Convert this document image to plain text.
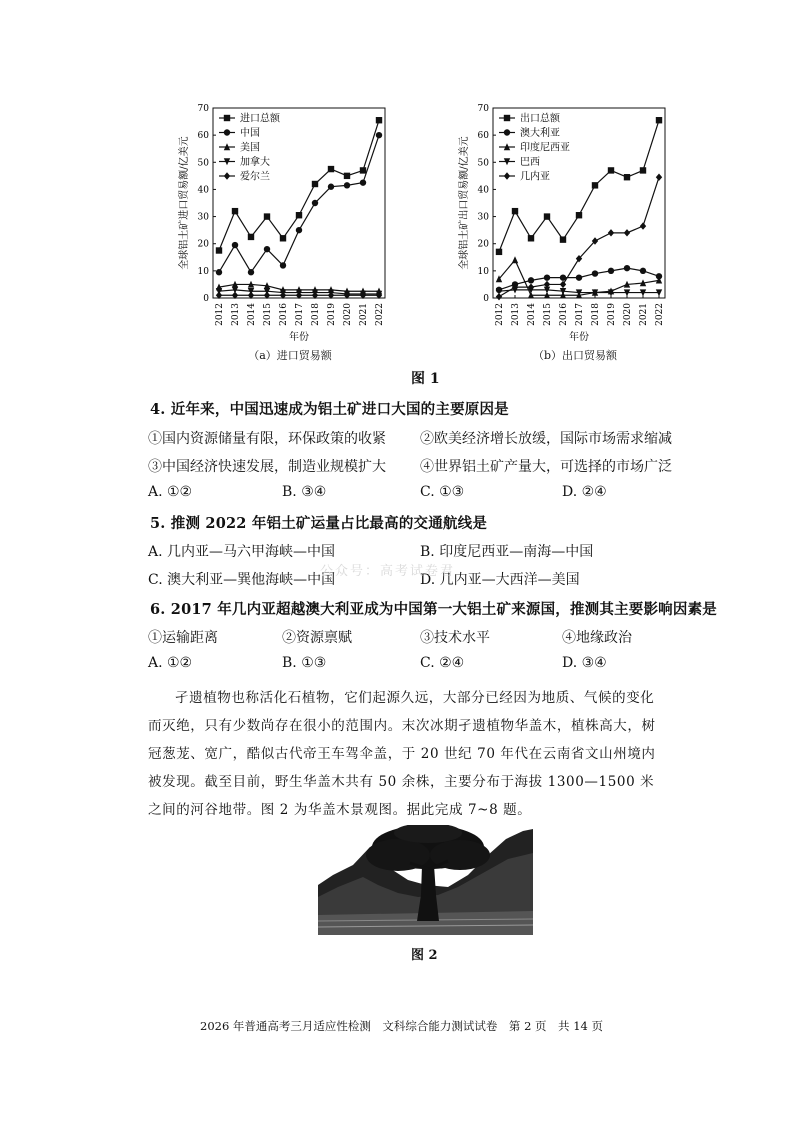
0
10
20
30
40
50
60
70
2012 2013 2014 2015 2016 2017 2018 2019 2020 2021 2022
全球铝土矿进口贸易额/亿美元
年份
进口总额
中国
美国
加拿大
爱尔兰
（a）进口贸易额
0
10
20
30
40
50
60
70
2012 2013 2014 2015 2016 2017 2018 2019 2020 2021 2022
全球铝土矿出口贸易额/亿美元
年份
出口总额
澳大利亚
印度尼西亚
巴西
几内亚
（b）出口贸易额
图 1
4. 近年来，中国迅速成为铝土矿进口大国的主要原因是
①国内资源储量有限，环保政策的收紧 ②欧美经济增长放缓，国际市场需求缩减
③中国经济快速发展，制造业规模扩大 ④世界铝土矿产量大，可选择的市场广泛
A. ①②	B. ③④	C. ①③	D. ②④
5. 推测 2022 年铝土矿运量占比最高的交通航线是
A. 几内亚—马六甲海峡—中国	B. 印度尼西亚—南海—中国
C. 澳大利亚—巽他海峡—中国	D. 几内亚—大西洋—美国
公众号：高考试卷君
6. 2017 年几内亚超越澳大利亚成为中国第一大铝土矿来源国，推测其主要影响因素是
①运输距离	②资源禀赋	③技术水平	④地缘政治
A. ①②	B. ①③	C. ②④	D. ③④

孑遗植物也称活化石植物，它们起源久远，大部分已经因为地质、气候的变化而灭绝，只有少数尚存在很小的范围内。末次冰期孑遗植物华盖木，植株高大，树冠葱茏、宽广，酷似古代帝王车驾伞盖，于 20 世纪 70 年代在云南省文山州境内被发现。截至目前，野生华盖木共有 50 余株，主要分布于海拔 1300—1500 米之间的河谷地带。图 2 为华盖木景观图。据此完成 7~8 题。

图 2
2026 年普通高考三月适应性检测　文科综合能力测试试卷　第 2 页　共 14 页
